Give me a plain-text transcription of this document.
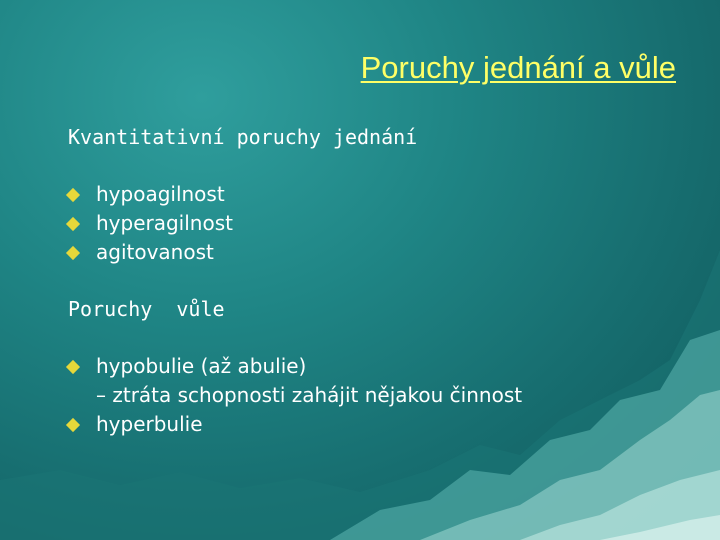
Poruchy jednání a vůle
Kvantitativní poruchy jednání
hypoagilnost
hyperagilnost
agitovanost
Poruchy  vůle
hypobulie (až abulie)
– ztráta schopnosti zahájit nějakou činnost
hyperbulie
